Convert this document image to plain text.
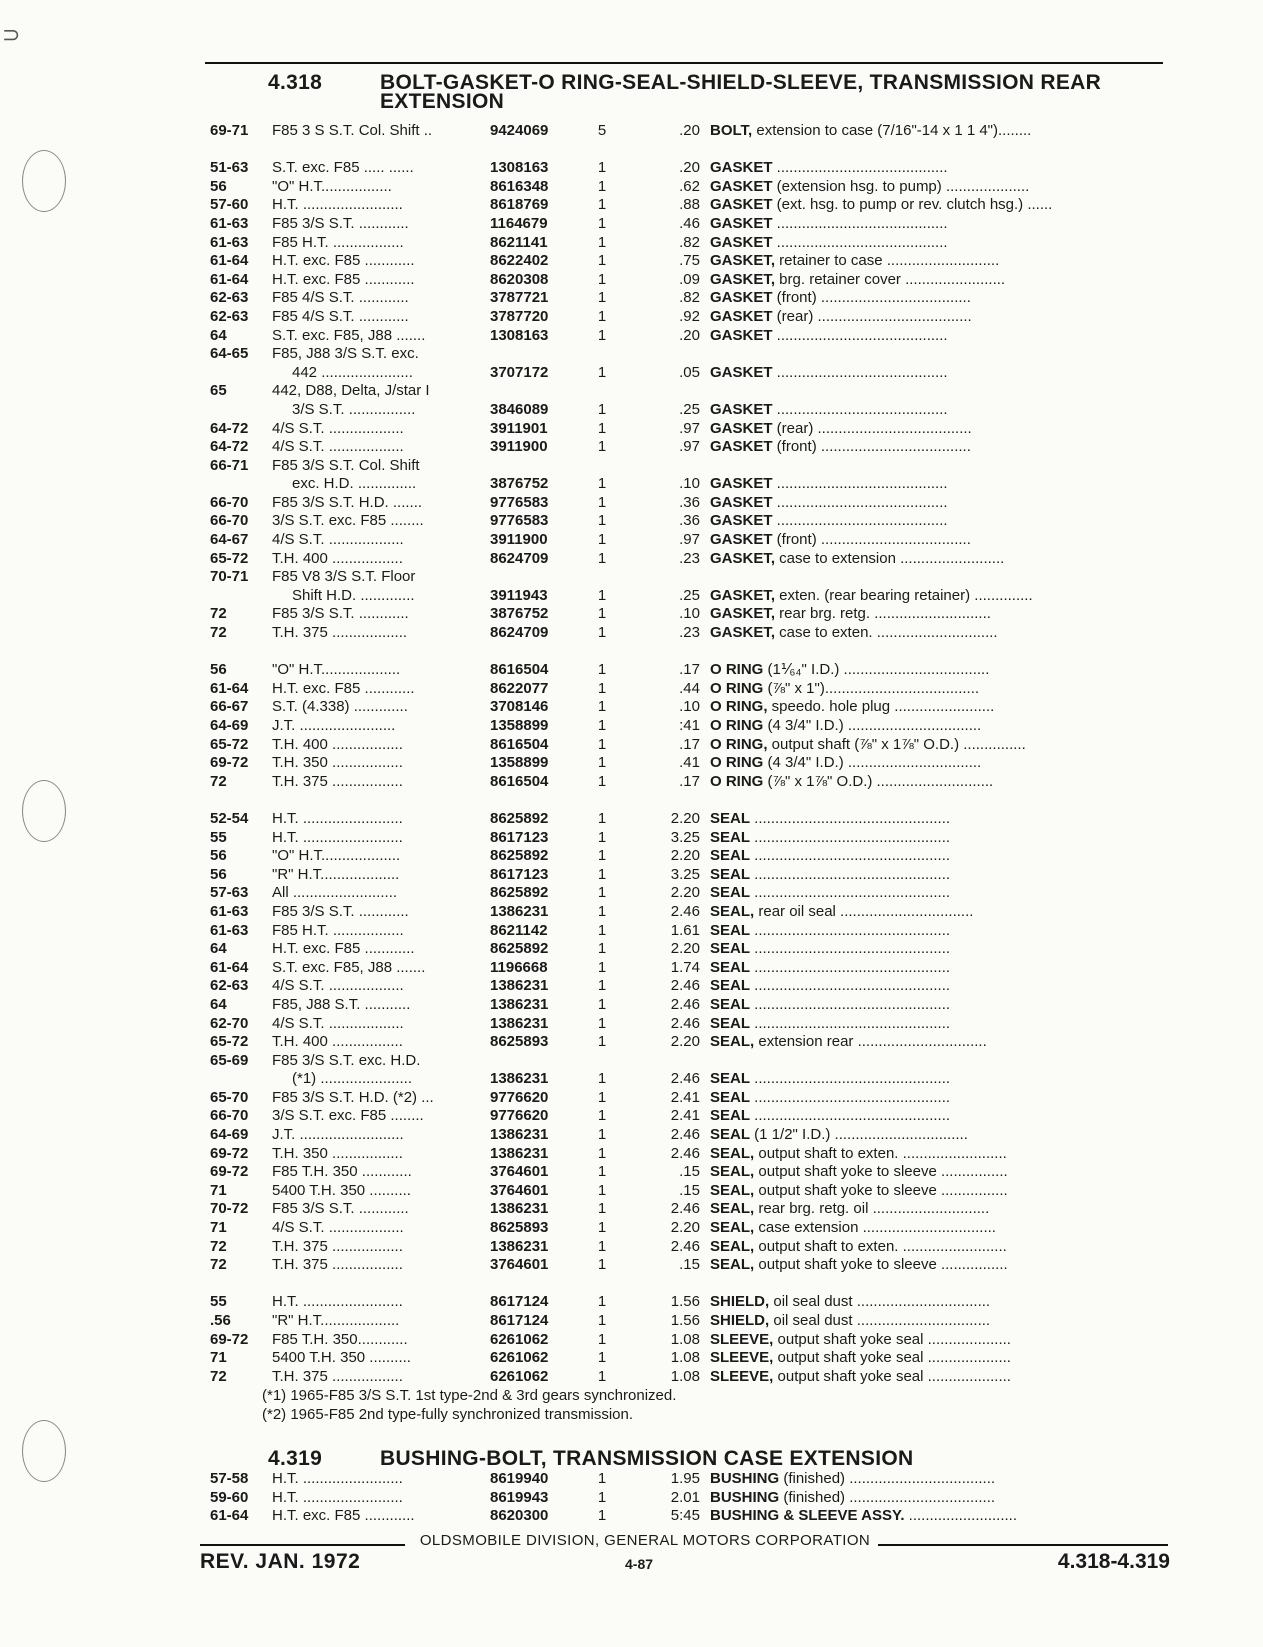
⊃
4.318	BOLT-GASKET-O RING-SEAL-SHIELD-SLEEVE, TRANSMISSION REAR EXTENSION
69-71	F85 3 S S.T. Col. Shift ..	9424069	5	.20 BOLT, extension to case (7/16"-14 x 1 1 4")........
51-63	S.T. exc. F85 ..... ......	1308163	1	.20 GASKET .........................................
56	"O" H.T.................	8616348	1	.62 GASKET (extension hsg. to pump) ....................
57-60	H.T. ........................	8618769	1	.88 GASKET (ext. hsg. to pump or rev. clutch hsg.) ......
61-63	F85 3/S S.T. ............	1164679	1	.46 GASKET .........................................
61-63	F85 H.T. .................	8621141	1	.82 GASKET .........................................
61-64	H.T. exc. F85 ............	8622402	1	.75 GASKET, retainer to case ...........................
61-64	H.T. exc. F85 ............	8620308	1	.09 GASKET, brg. retainer cover ........................
62-63	F85 4/S S.T. ............	3787721	1	.82 GASKET (front) ....................................
62-63	F85 4/S S.T. ............	3787720	1	.92 GASKET (rear) .....................................
64	S.T. exc. F85, J88 .......	1308163	1	.20 GASKET .........................................
64-65	F85, J88 3/S S.T. exc.
442 ......................	3707172	1	.05 GASKET .........................................
65	442, D88, Delta, J/star I
3/S S.T. ................	3846089	1	.25 GASKET .........................................
64-72	4/S S.T. ..................	3911901	1	.97 GASKET (rear) .....................................
64-72	4/S S.T. ..................	3911900	1	.97 GASKET (front) ....................................
66-71	F85 3/S S.T. Col. Shift
exc. H.D. ..............	3876752	1	.10 GASKET .........................................
66-70	F85 3/S S.T. H.D. .......	9776583	1	.36 GASKET .........................................
66-70	3/S S.T. exc. F85 ........	9776583	1	.36 GASKET .........................................
64-67	4/S S.T. ..................	3911900	1	.97 GASKET (front) ....................................
65-72	T.H. 400 .................	8624709	1	.23 GASKET, case to extension .........................
70-71	F85 V8 3/S S.T. Floor
Shift H.D. .............	3911943	1	.25 GASKET, exten. (rear bearing retainer) ..............
72	F85 3/S S.T. ............	3876752	1	.10 GASKET, rear brg. retg. ............................
72	T.H. 375 ..................	8624709	1	.23 GASKET, case to exten. .............................
56	"O" H.T...................	8616504	1	.17 O RING (1⅟₆₄" I.D.) ...................................
61-64	H.T. exc. F85 ............	8622077	1	.44 O RING (⅞" x 1").....................................
66-67	S.T. (4.338) .............	3708146	1	.10 O RING, speedo. hole plug ........................
64-69	J.T. .......................	1358899	1	:41 O RING (4 3/4" I.D.) ................................
65-72	T.H. 400 .................	8616504	1	.17 O RING, output shaft (⅞" x 1⅞" O.D.) ...............
69-72	T.H. 350 .................	1358899	1	.41 O RING (4 3/4" I.D.) ................................
72	T.H. 375 .................	8616504	1	.17 O RING (⅞" x 1⅞" O.D.) ............................
52-54	H.T. ........................	8625892	1	2.20 SEAL ...............................................
55	H.T. ........................	8617123	1	3.25 SEAL ...............................................
56	"O" H.T...................	8625892	1	2.20 SEAL ...............................................
56	"R" H.T...................	8617123	1	3.25 SEAL ...............................................
57-63	All .........................	8625892	1	2.20 SEAL ...............................................
61-63	F85 3/S S.T. ............	1386231	1	2.46 SEAL, rear oil seal ................................
61-63	F85 H.T. .................	8621142	1	1.61 SEAL ...............................................
64	H.T. exc. F85 ............	8625892	1	2.20 SEAL ...............................................
61-64	S.T. exc. F85, J88 .......	1196668	1	1.74 SEAL ...............................................
62-63	4/S S.T. ..................	1386231	1	2.46 SEAL ...............................................
64	F85, J88 S.T. ...........	1386231	1	2.46 SEAL ...............................................
62-70	4/S S.T. ..................	1386231	1	2.46 SEAL ...............................................
65-72	T.H. 400 .................	8625893	1	2.20 SEAL, extension rear ...............................
65-69	F85 3/S S.T. exc. H.D.
(*1) ......................	1386231	1	2.46 SEAL ...............................................
65-70	F85 3/S S.T. H.D. (*2) ...	9776620	1	2.41 SEAL ...............................................
66-70	3/S S.T. exc. F85 ........	9776620	1	2.41 SEAL ...............................................
64-69	J.T. .........................	1386231	1	2.46 SEAL (1 1/2" I.D.) ................................
69-72	T.H. 350 .................	1386231	1	2.46 SEAL, output shaft to exten. .........................
69-72	F85 T.H. 350 ............	3764601	1	.15 SEAL, output shaft yoke to sleeve ................
71	5400 T.H. 350 ..........	3764601	1	.15 SEAL, output shaft yoke to sleeve ................
70-72	F85 3/S S.T. ............	1386231	1	2.46 SEAL, rear brg. retg. oil ............................
71	4/S S.T. ..................	8625893	1	2.20 SEAL, case extension ................................
72	T.H. 375 .................	1386231	1	2.46 SEAL, output shaft to exten. .........................
72	T.H. 375 .................	3764601	1	.15 SEAL, output shaft yoke to sleeve ................
55	H.T. ........................	8617124	1	1.56 SHIELD, oil seal dust ................................
.56	"R" H.T...................	8617124	1	1.56 SHIELD, oil seal dust ................................
69-72	F85 T.H. 350............	6261062	1	1.08 SLEEVE, output shaft yoke seal ....................
71	5400 T.H. 350 ..........	6261062	1	1.08 SLEEVE, output shaft yoke seal ....................
72	T.H. 375 .................	6261062	1	1.08 SLEEVE, output shaft yoke seal ....................
(*1) 1965-F85 3/S S.T. 1st type-2nd & 3rd gears synchronized.
(*2) 1965-F85 2nd type-fully synchronized transmission.
4.319	BUSHING-BOLT, TRANSMISSION CASE EXTENSION
57-58	H.T. ........................	8619940	1	1.95 BUSHING (finished) ...................................
59-60	H.T. ........................	8619943	1	2.01 BUSHING (finished) ...................................
61-64	H.T. exc. F85 ............	8620300	1	5:45 BUSHING & SLEEVE ASSY. ..........................
OLDSMOBILE DIVISION, GENERAL MOTORS CORPORATION
REV. JAN. 1972	4-87	4.318-4.319
